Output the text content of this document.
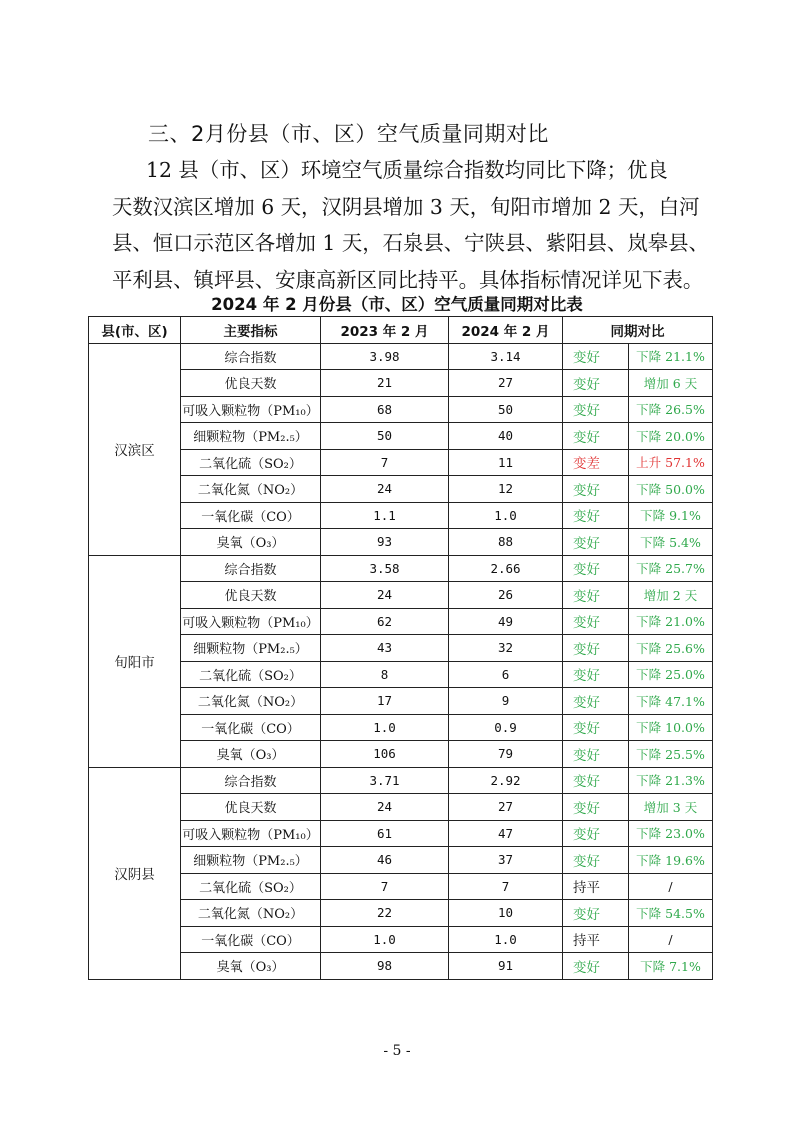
三、2月份县（市、区）空气质量同期对比

12 县（市、区）环境空气质量综合指数均同比下降；优良

天数汉滨区增加 6 天，汉阴县增加 3 天，旬阳市增加 2 天，白河

县、恒口示范区各增加 1 天，石泉县、宁陕县、紫阳县、岚皋县、

平利县、镇坪县、安康高新区同比持平。具体指标情况详见下表。

2024 年 2 月份县（市、区）空气质量同期对比表
县(市、区)	主要指标	2023 年 2 月	2024 年 2 月	同期对比	
汉滨区	综合指数	3.98	3.14	变好	下降 21.1%
	优良天数	21	27	变好	增加 6 天
	可吸入颗粒物（PM₁₀）	68	50	变好	下降 26.5%
	细颗粒物（PM₂.₅）	50	40	变好	下降 20.0%
	二氧化硫（SO₂）	7	11	变差	上升 57.1%
	二氧化氮（NO₂）	24	12	变好	下降 50.0%
	一氧化碳（CO）	1.1	1.0	变好	下降 9.1%
	臭氧（O₃）	93	88	变好	下降 5.4%
旬阳市	综合指数	3.58	2.66	变好	下降 25.7%
	优良天数	24	26	变好	增加 2 天
	可吸入颗粒物（PM₁₀）	62	49	变好	下降 21.0%
	细颗粒物（PM₂.₅）	43	32	变好	下降 25.6%
	二氧化硫（SO₂）	8	6	变好	下降 25.0%
	二氧化氮（NO₂）	17	9	变好	下降 47.1%
	一氧化碳（CO）	1.0	0.9	变好	下降 10.0%
	臭氧（O₃）	106	79	变好	下降 25.5%
汉阴县	综合指数	3.71	2.92	变好	下降 21.3%
	优良天数	24	27	变好	增加 3 天
	可吸入颗粒物（PM₁₀）	61	47	变好	下降 23.0%
	细颗粒物（PM₂.₅）	46	37	变好	下降 19.6%
	二氧化硫（SO₂）	7	7	持平	/
	二氧化氮（NO₂）	22	10	变好	下降 54.5%
	一氧化碳（CO）	1.0	1.0	持平	/
	臭氧（O₃）	98	91	变好	下降 7.1%
- 5 -
